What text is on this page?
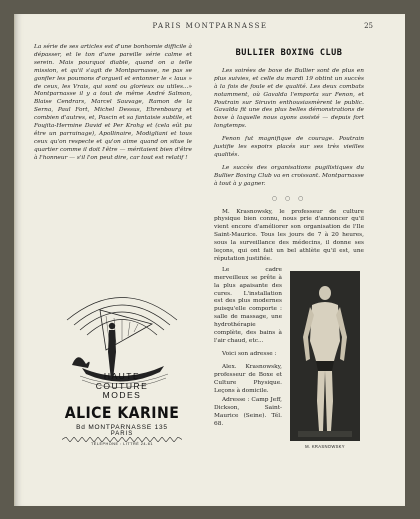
PARIS MONTPARNASSE	25

La série de ses articles est d'une bonhomie difficile à dépasser, et le ton d'une pareille série calme et serein. Mais pourquoi diable, quand on a telle mission, et qu'il s'agit de Montparnasse, ne pas se gonfler les poumons d'orgueil et entonner le « laus » de ceux, les Vrais, qui sont ou glorieux ou utiles...» Montparnasse il y a tout de même André Salmon, Blaise Cendrars, Marcel Sauvage, Ramon de la Serna, Paul Fort, Michel Dessus, Ehrenbourg et combien d'autres, et, Pascin et sa fantaisie subtile, et Foujita-Hermine David et Per Krohg et (cela eût pu être un parrainage), Apollinaire, Modigliani et tous ceux qu'on respecte et qu'on aime quand on situe le quartier comme il doit l'être — méritaient bien d'être à l'honneur — s'il l'on peut dire, car tout est relatif !

HAUTE
COUTURE
MODES
ALICE KARINE
Bd MONTPARNASSE 135
PARIS
TÉLÉPHONE : LITTRÉ 24-61
BULLIER BOXING CLUB

Les soirées de boxe de Bullier sont de plus en plus suivies, et celle du mardi 19 obtint un succès à la fois de foule et de qualité. Les deux combats notamment, où Gavalda l'emporta sur Fenon, et Poutrain sur Siruvin enthousiasmèrent le public. Gavalda fit une des plus belles démonstrations de boxe à laquelle nous ayons assisté — depuis fort longtemps.

Fenon fut magnifique de courage. Poutrain justifie les espoirs placés sur ses très vieilles qualités.

Le succès des organisations pugilistiques du Bullier Boxing Club va en croissant. Montparnasse à tout à y gagner.

○ ○ ○

M. Krasnowsky, le professeur de culture physique bien connu, nous prie d'annoncer qu'il vient encore d'améliorer son organisation de l'Ile Saint-Maurice. Tous les jours de 7 à 20 heures, sous la surveillance des médecins, il donne ses leçons, qui ont fait un bel athlète qu'il est, une réputation justifiée.

Le cadre merveilleux se prête à la plus apaisante des cures. L'installation est des plus modernes puisqu'elle comporte : salle de massage, une hydrothérapie complète, des bains à l'air chaud, etc...

Voici son adresse :

Alex. Krasnowsky, professeur de Boxe et Culture Physique. Leçons à domicile.

Adresse : Camp Jeff, Dickson, Saint-Maurice (Seine). Tél. 68.

M. KRASNOWSKY
